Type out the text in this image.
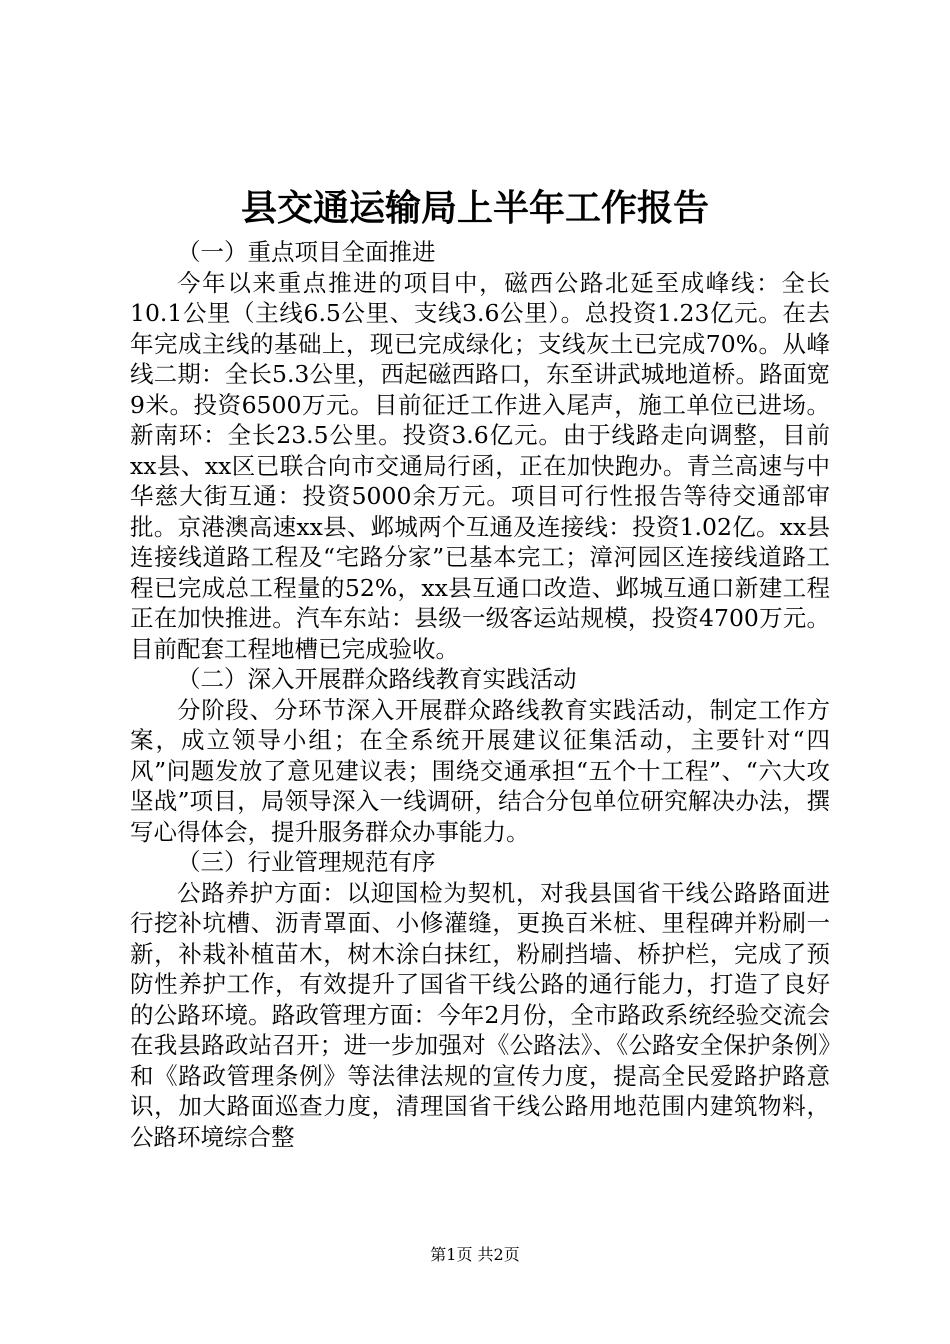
县交通运输局上半年工作报告

（一）重点项目全面推进

今年以来重点推进的项目中，磁西公路北延至成峰线：全长10.1公里（主线6.5公里、支线3.6公里）。总投资1.23亿元。在去年完成主线的基础上，现已完成绿化；支线灰土已完成70%。从峰线二期：全长5.3公里，西起磁西路口，东至讲武城地道桥。路面宽9米。投资6500万元。目前征迁工作进入尾声，施工单位已进场。新南环：全长23.5公里。投资3.6亿元。由于线路走向调整，目前xx县、xx区已联合向市交通局行函，正在加快跑办。青兰高速与中华慈大街互通：投资5000余万元。项目可行性报告等待交通部审批。京港澳高速xx县、邺城两个互通及连接线：投资1.02亿。xx县连接线道路工程及“宅路分家”已基本完工；漳河园区连接线道路工程已完成总工程量的52%，xx县互通口改造、邺城互通口新建工程正在加快推进。汽车东站：县级一级客运站规模，投资4700万元。目前配套工程地槽已完成验收。

（二）深入开展群众路线教育实践活动

分阶段、分环节深入开展群众路线教育实践活动，制定工作方案，成立领导小组；在全系统开展建议征集活动，主要针对“四风”问题发放了意见建议表；围绕交通承担“五个十工程”、“六大攻坚战”项目，局领导深入一线调研，结合分包单位研究解决办法，撰写心得体会，提升服务群众办事能力。

（三）行业管理规范有序

公路养护方面：以迎国检为契机，对我县国省干线公路路面进行挖补坑槽、沥青罩面、小修灌缝，更换百米桩、里程碑并粉刷一新，补栽补植苗木，树木涂白抹红，粉刷挡墙、桥护栏，完成了预防性养护工作，有效提升了国省干线公路的通行能力，打造了良好的公路环境。路政管理方面：今年2月份，全市路政系统经验交流会在我县路政站召开；进一步加强对《公路法》、《公路安全保护条例》和《路政管理条例》等法律法规的宣传力度，提高全民爱路护路意识，加大路面巡查力度，清理国省干线公路用地范围内建筑物料，公路环境综合整

第1页 共2页
